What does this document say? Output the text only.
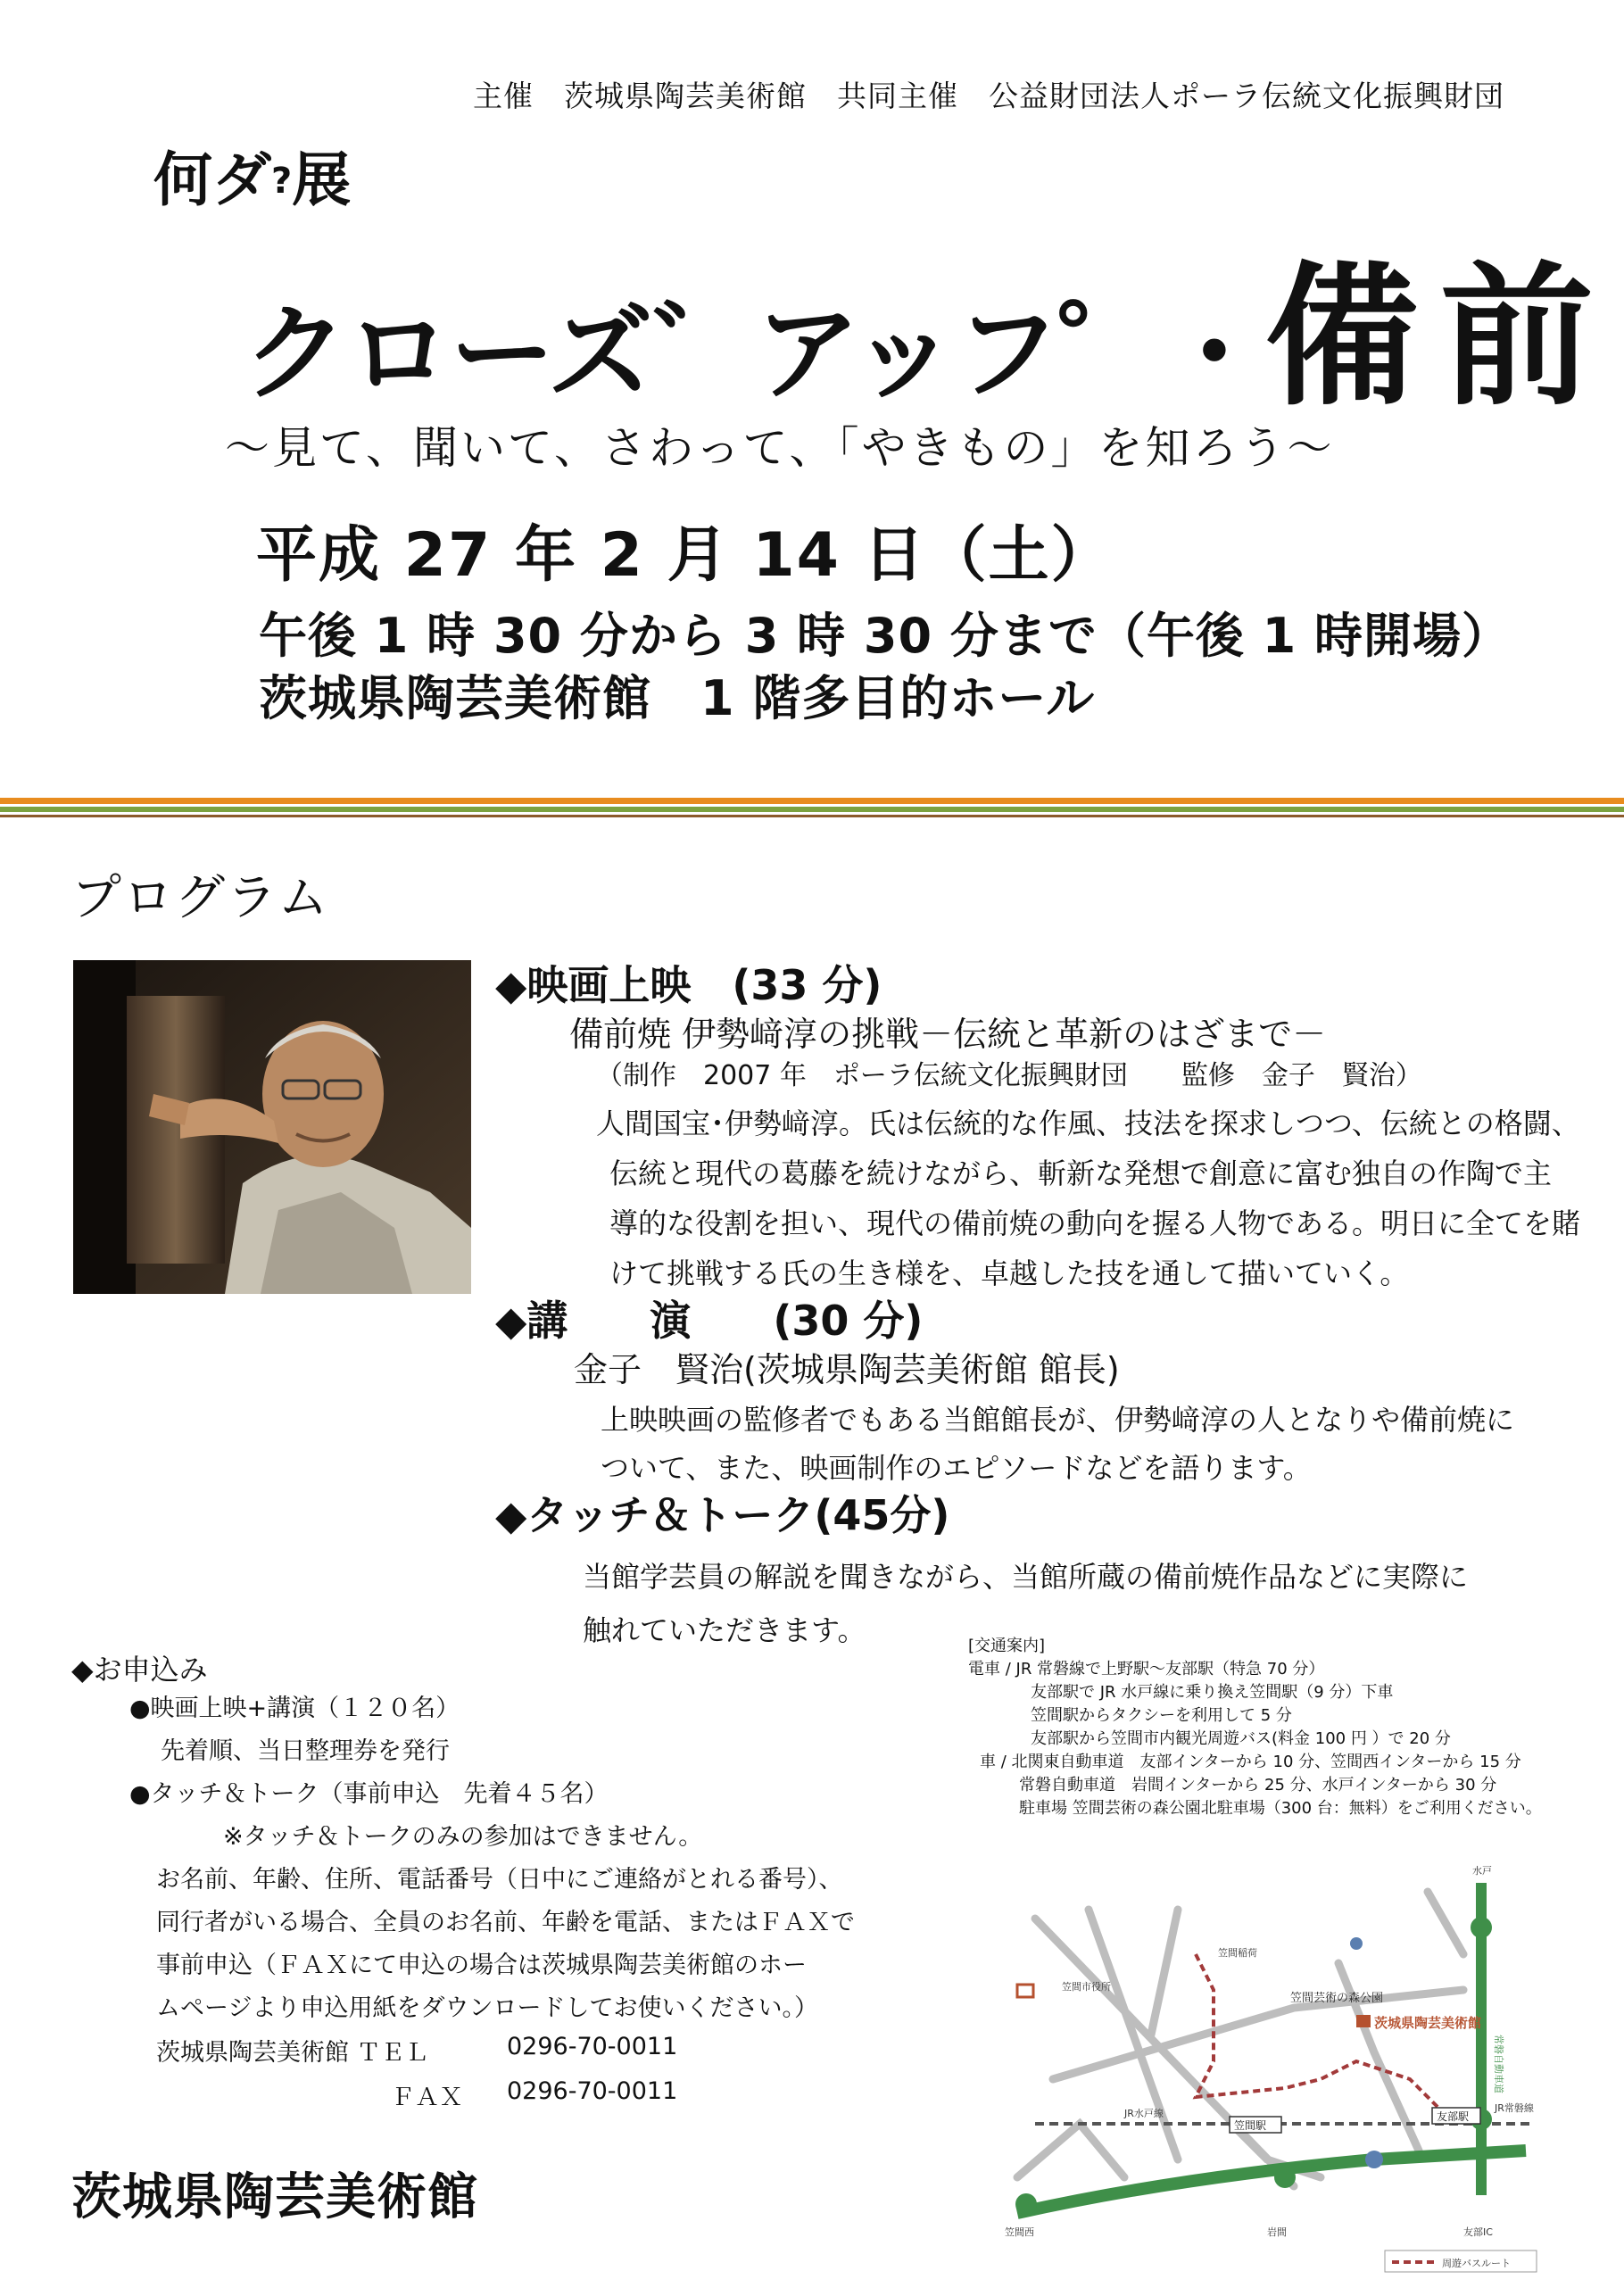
主催　茨城県陶芸美術館　共同主催　公益財団法人ポーラ伝統文化振興財団
何ダ?展
クローズ゛アッフ゜・備前
～見て、聞いて、さわって、「やきもの」を知ろう～
平成 27 年 2 月 14 日（土）
午後 1 時 30 分から 3 時 30 分まで（午後 1 時開場）
茨城県陶芸美術館　1 階多目的ホール
プログラム
◆映画上映　(33 分)
備前焼 伊勢﨑淳の挑戦－伝統と革新のはざまで－
（制作　2007 年　ポーラ伝統文化振興財団　　監修　金子　賢治）
人間国宝･伊勢﨑淳。氏は伝統的な作風、技法を探求しつつ、伝統との格闘、
伝統と現代の葛藤を続けながら、斬新な発想で創意に富む独自の作陶で主
導的な役割を担い、現代の備前焼の動向を握る人物である。明日に全てを賭
けて挑戦する氏の生き様を、卓越した技を通して描いていく。
◆講　　演　　(30 分)
金子　賢治(茨城県陶芸美術館 館長)
上映映画の監修者でもある当館館長が、伊勢﨑淳の人となりや備前焼に
ついて、また、映画制作のエピソードなどを語ります。
◆タッチ＆トーク(45分)
当館学芸員の解説を聞きながら、当館所蔵の備前焼作品などに実際に
触れていただきます。
◆お申込み
●映画上映+講演（１２０名）
先着順、当日整理券を発行
●タッチ＆トーク（事前申込　先着４５名）
※タッチ＆トークのみの参加はできません。
お名前、年齢、住所、電話番号（日中にご連絡がとれる番号）、
同行者がいる場合、全員のお名前、年齢を電話、またはＦＡＸで
事前申込（ＦＡＸにて申込の場合は茨城県陶芸美術館のホー
ムページより申込用紙をダウンロードしてお使いください。）
茨城県陶芸美術館 ＴＥＬ	0296-70-0011
ＦＡＸ 0296-70-0011
[交通案内]
電車 / JR 常磐線で上野駅～友部駅（特急 70 分）
友部駅で JR 水戸線に乗り換え笠間駅（9 分）下車
笠間駅からタクシーを利用して 5 分
友部駅から笠間市内観光周遊バス(料金 100 円 ）で 20 分
車 / 北関東自動車道　友部インターから 10 分、笠間西インターから 15 分
常磐自動車道　岩間インターから 25 分、水戸インターから 30 分
駐車場 笠間芸術の森公園北駐車場（300 台：無料）をご利用ください。
笠間芸術の森公園
茨城県陶芸美術館
笠間駅
友部駅
JR水戸線	JR常磐線
北関東自動車道
常磐自動車道
笠間稲荷
笠間市役所
笠間西	友部IC
岩間
水戸
周遊バスルート
茨城県陶芸美術館
